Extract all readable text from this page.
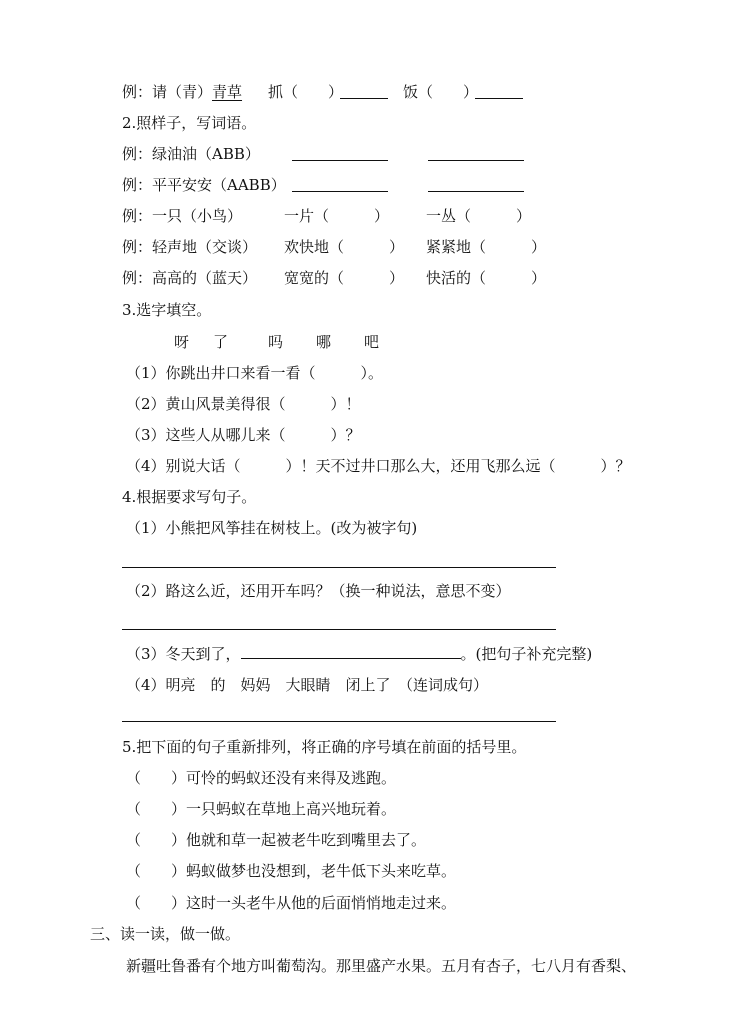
例：请（青）青草 抓（　　）	饭（　　）
2.照样子，写词语。
例：绿油油（ABB）
例：平平安安（AABB）
例：一只（小鸟）	一片（　　　） 一丛（　　　）
例：轻声地（交谈） 欢快地（　　　） 紧紧地（　　　）
例：高高的（蓝天） 宽宽的（　　　） 快活的（　　　）
3.选字填空。
呀 了	吗 哪 吧
（1）你跳出井口来看一看（　　　）。
（2）黄山风景美得很（　　　）！
（3）这些人从哪儿来（　　　）？
（4）别说大话（　　　）！天不过井口那么大，还用飞那么远（　　　）？
4.根据要求写句子。
（1）小熊把风筝挂在树枝上。(改为被字句)
（2）路这么近，还用开车吗？（换一种说法，意思不变）
（3）冬天到了，	。(把句子补充完整)
（4）明亮　的　妈妈　大眼睛　闭上了　（连词成句）
5.把下面的句子重新排列，将正确的序号填在前面的括号里。
（　　）可怜的蚂蚁还没有来得及逃跑。
（　　）一只蚂蚁在草地上高兴地玩着。
（　　）他就和草一起被老牛吃到嘴里去了。
（　　）蚂蚁做梦也没想到，老牛低下头来吃草。
（　　）这时一头老牛从他的后面悄悄地走过来。
三、读一读，做一做。
新疆吐鲁番有个地方叫葡萄沟。那里盛产水果。五月有杏子，七八月有香梨、
